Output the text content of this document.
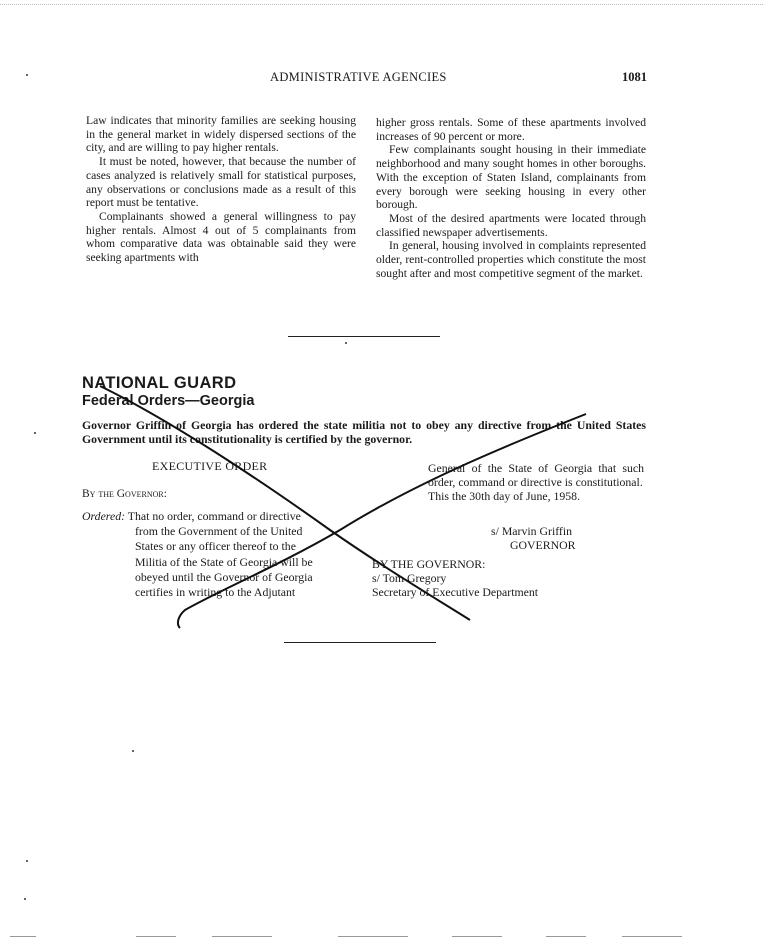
ADMINISTRATIVE AGENCIES	1081

Law indicates that minority families are seeking housing in the general market in widely dispersed sections of the city, and are willing to pay higher rentals.

It must be noted, however, that because the number of cases analyzed is relatively small for statistical purposes, any observations or conclusions made as a result of this report must be tentative.

Complainants showed a general willingness to pay higher rentals. Almost 4 out of 5 complainants from whom comparative data was obtainable said they were seeking apartments with

higher gross rentals. Some of these apartments involved increases of 90 percent or more.

Few complainants sought housing in their immediate neighborhood and many sought homes in other boroughs. With the exception of Staten Island, complainants from every borough were seeking housing in every other borough.

Most of the desired apartments were located through classified newspaper advertisements.

In general, housing involved in complaints represented older, rent-controlled properties which constitute the most sought after and most competitive segment of the market.

NATIONAL GUARD
Federal Orders—Georgia
Governor Griffin of Georgia has ordered the state militia not to obey any directive from the United States Government until its constitutionality is certified by the governor.
EXECUTIVE ORDER
By the Governor:
Ordered: That no order, command or directive
from the Government of the United
States or any officer thereof to the
Militia of the State of Georgia will be
obeyed until the Governor of Georgia
certifies in writing to the Adjutant
General of the State of Georgia that such order, command or directive is constitutional.
This the 30th day of June, 1958.
s/ Marvin Griffin
GOVERNOR
BY THE GOVERNOR:
s/ Tom Gregory
Secretary of Executive Department
